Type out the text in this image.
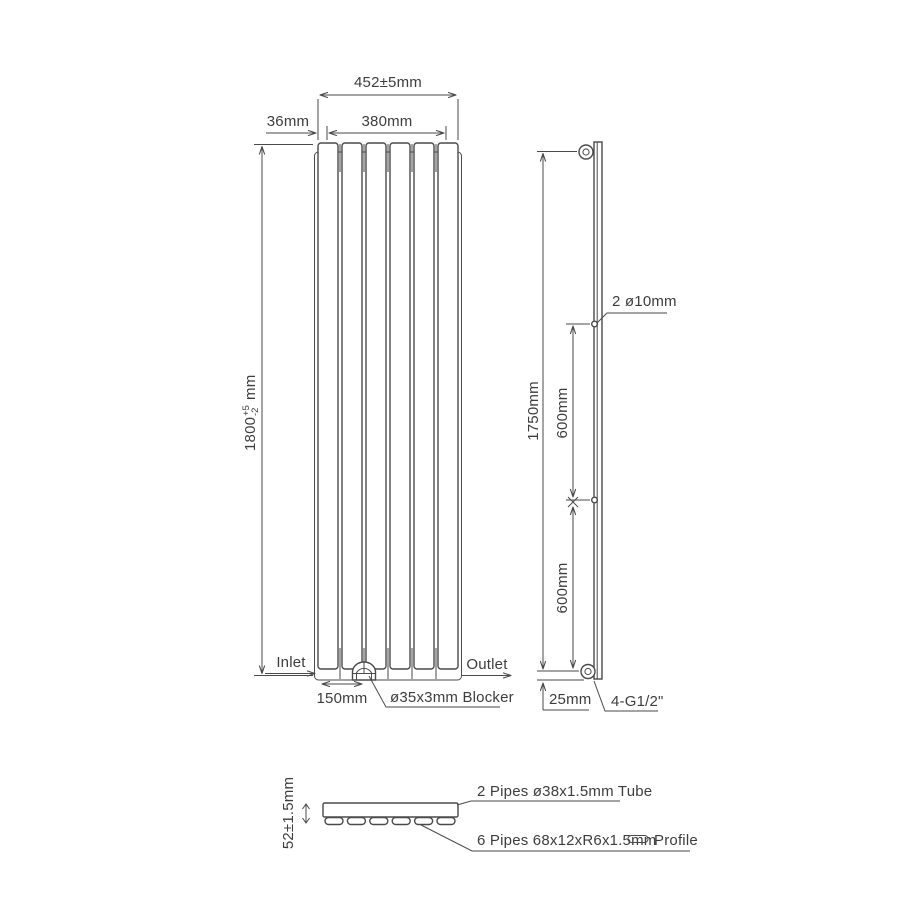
452±5mm
36mm	380mm
1800
+5
-2
mm
Inlet	Outlet
150mm ø35x3mm Blocker
1750mm 600mm
600mm
2 ø10mm
25mm 4-G1/2"
52±1.5mm	2 Pipes ø38x1.5mm Tube
6 Pipes 68x12xR6x1.5mm
Profile
